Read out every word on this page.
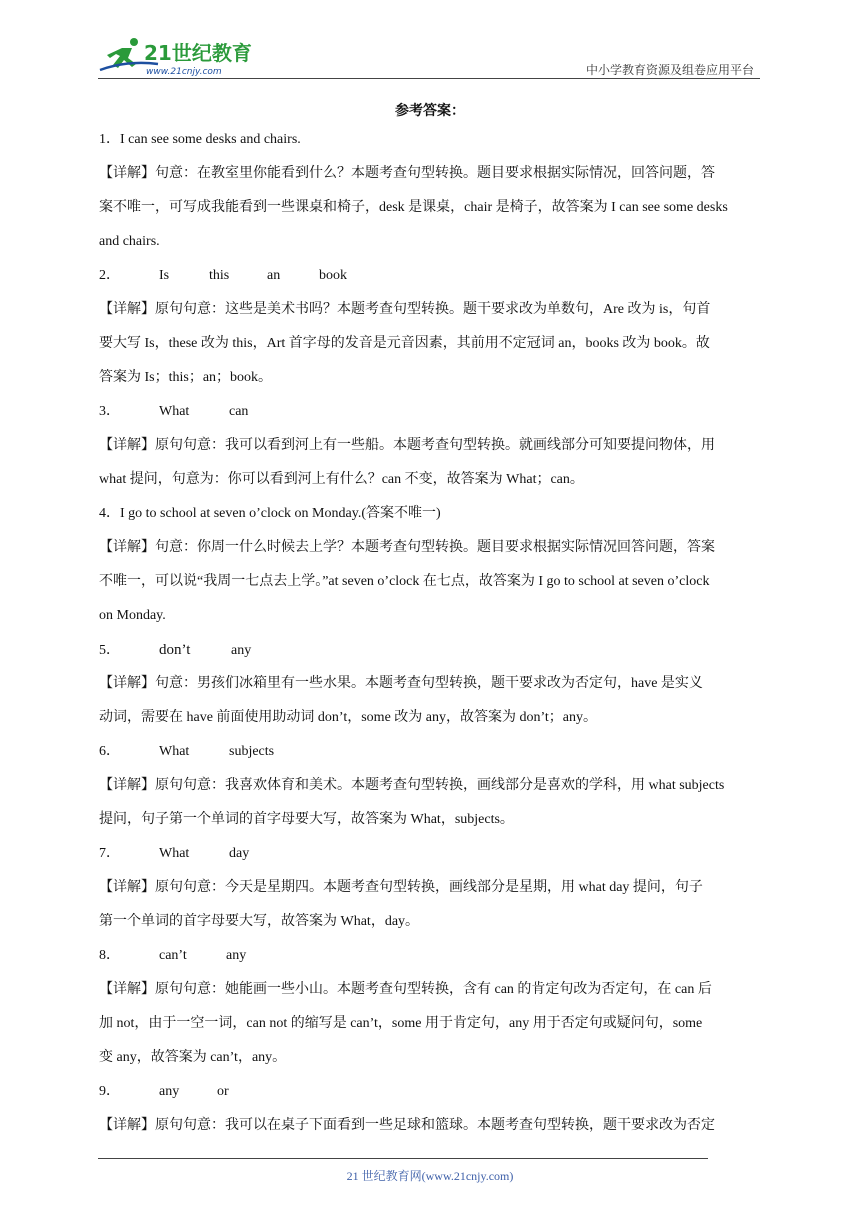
21世纪教育
www.21cnjy.com	中小学教育资源及组卷应用平台
参考答案：
1．I can see some desks and chairs.
【详解】句意：在教室里你能看到什么？本题考查句型转换。题目要求根据实际情况，回答问题，答
案不唯一，可写成我能看到一些课桌和椅子，desk 是课桌，chair 是椅子，故答案为 I can see some desks
and chairs.
2．	Is	this	an	book
【详解】原句句意：这些是美术书吗？本题考查句型转换。题干要求改为单数句，Are 改为 is，句首
要大写 Is，these 改为 this，Art 首字母的发音是元音因素，其前用不定冠词 an，books 改为 book。故
答案为 Is；this；an；book。
3．	What	can
【详解】原句句意：我可以看到河上有一些船。本题考查句型转换。就画线部分可知要提问物体，用
what 提问，句意为：你可以看到河上有什么？can 不变，故答案为 What；can。
4．I go to school at seven o’clock on Monday.(答案不唯一)
【详解】句意：你周一什么时候去上学？本题考查句型转换。题目要求根据实际情况回答问题，答案
不唯一，可以说“我周一七点去上学。”at seven o’clock 在七点，故答案为 I go to school at seven o’clock
on Monday.
5．	don’t	any
【详解】句意：男孩们冰箱里有一些水果。本题考查句型转换，题干要求改为否定句，have 是实义
动词，需要在 have 前面使用助动词 don’t，some 改为 any，故答案为 don’t；any。
6．	What	subjects
【详解】原句句意：我喜欢体育和美术。本题考查句型转换，画线部分是喜欢的学科，用 what subjects
提问，句子第一个单词的首字母要大写，故答案为 What，subjects。
7．	What	day
【详解】原句句意：今天是星期四。本题考查句型转换，画线部分是星期，用 what day 提问，句子
第一个单词的首字母要大写，故答案为 What，day。
8．	can’t	any
【详解】原句句意：她能画一些小山。本题考查句型转换，含有 can 的肯定句改为否定句，在 can 后
加 not，由于一空一词，can not 的缩写是 can’t，some 用于肯定句，any 用于否定句或疑问句，some
变 any，故答案为 can’t，any。
9．	any	or
【详解】原句句意：我可以在桌子下面看到一些足球和篮球。本题考查句型转换，题干要求改为否定
21 世纪教育网(www.21cnjy.com)
